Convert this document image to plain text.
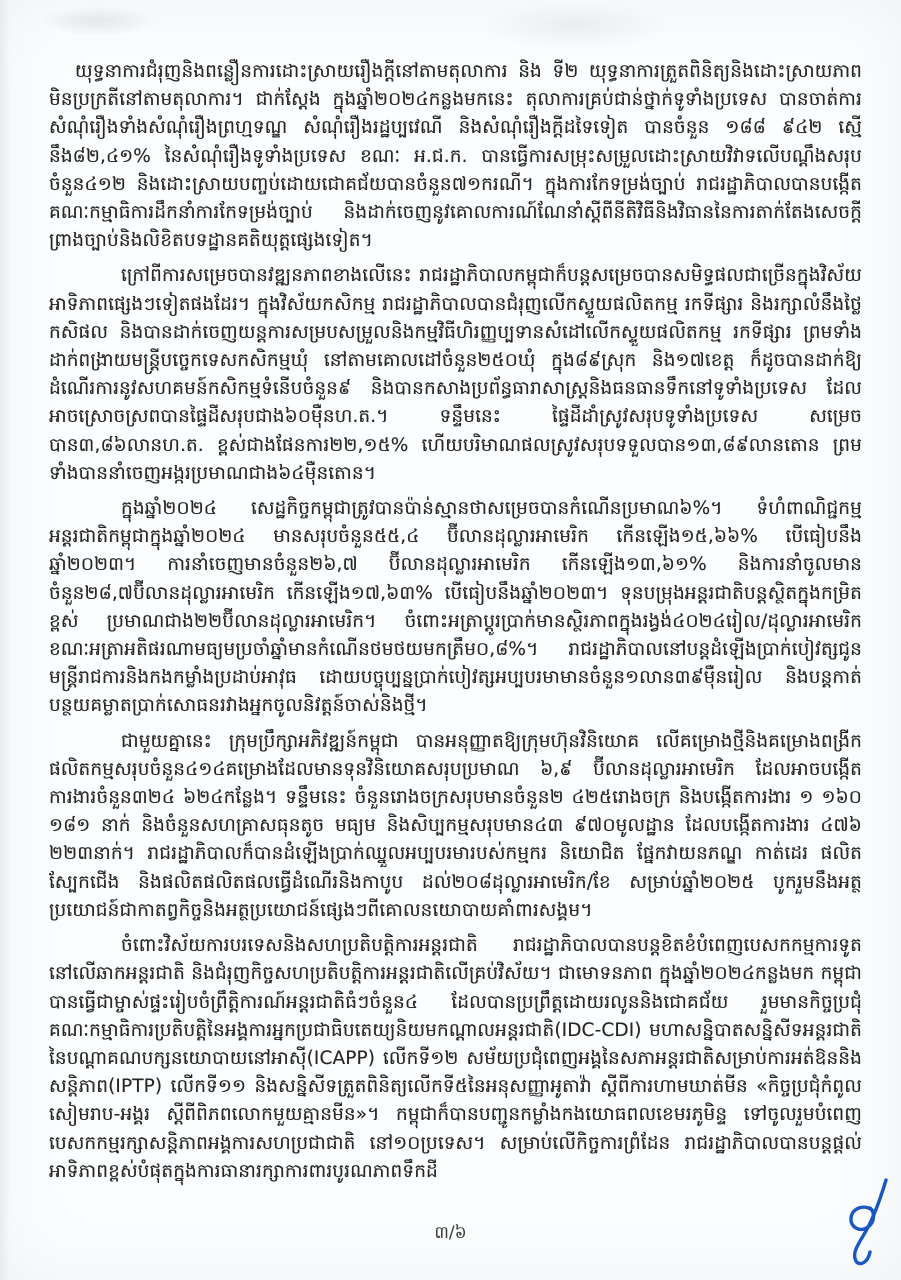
យុទ្ធនាការជំរុញនិងពន្លឿនការដោះស្រាយរឿងក្តីនៅតាមតុលាការ និង ទី២ យុទ្ធនាការត្រួតពិនិត្យនិងដោះស្រាយភាពមិនប្រក្រតីនៅតាមតុលាការ។ ជាក់ស្តែង ក្នុងឆ្នាំ២០២៤កន្លងមកនេះ តុលាការគ្រប់ជាន់ថ្នាក់ទូទាំងប្រទេស បានចាត់ការសំណុំរឿងទាំងសំណុំរឿងព្រហ្មទណ្ឌ សំណុំរឿងរដ្ឋប្បវេណី និងសំណុំរឿងក្តីដទៃទៀត បានចំនួន ១៨៨ ៩៤២ ស្មើនឹង៨២,៤១% នៃសំណុំរឿងទូទាំងប្រទេស ខណៈ អ.ជ.ក. បានធ្វើការសម្រុះសម្រួលដោះស្រាយវិវាទលើបណ្តឹងសរុបចំនួន៤១២ និងដោះស្រាយបញ្ចប់ដោយជោគជ័យបានចំនួន៧១ករណី។ ក្នុងការកែទម្រង់ច្បាប់ រាជរដ្ឋាភិបាលបានបង្កើតគណៈកម្មាធិការដឹកនាំការកែទម្រង់ច្បាប់ និងដាក់ចេញនូវគោលការណ៍ណែនាំស្តីពីនីតិវិធីនិងវិធាននៃការតាក់តែងសេចក្តីព្រាងច្បាប់និងលិខិតបទដ្ឋានគតិយុត្តផ្សេងទៀត។

ក្រៅពីការសម្រេចបានវឌ្ឍនភាពខាងលើនេះ រាជរដ្ឋាភិបាលកម្ពុជាក៏បន្តសម្រេចបានសមិទ្ធផលជាច្រើនក្នុងវិស័យអាទិភាពផ្សេងៗទៀតផងដែរ។ ក្នុងវិស័យកសិកម្ម រាជរដ្ឋាភិបាលបានជំរុញលើកស្ទួយផលិតកម្ម រកទីផ្សារ និងរក្សាលំនឹងថ្លៃកសិផល និងបានដាក់ចេញយន្តការសម្របសម្រួលនិងកម្មវិធីហិរញ្ញប្បទានសំដៅលើកស្ទួយផលិតកម្ម រកទីផ្សារ ព្រមទាំងដាក់ពង្រាយមន្ត្រីបច្ចេកទេសកសិកម្មឃុំ នៅតាមគោលដៅចំនួន២៥០ឃុំ ក្នុង៨៩ស្រុក និង១៧ខេត្ត ក៏ដូចបានដាក់ឱ្យដំណើរការនូវសហគមន៍កសិកម្មទំនើបចំនួន៩ និងបានកសាងប្រព័ន្ធធារាសាស្ត្រនិងធនធានទឹកនៅទូទាំងប្រទេស ដែល អាចស្រោចស្រពបានផ្ទៃដីសរុបជាង៦០ម៉ឺនហ.ត.។ ទន្ទឹមនេះ ផ្ទៃដីដាំស្រូវសរុបទូទាំងប្រទេស សម្រេចបាន៣,៨៦លានហ.ត. ខ្ពស់ជាងផែនការ២២,១៥% ហើយបរិមាណផលស្រូវសរុបទទួលបាន១៣,៨៩លានតោន ព្រមទាំងបាននាំចេញអង្ករប្រមាណជាង៦៤ម៉ឺនតោន។

ក្នុងឆ្នាំ២០២៤ សេដ្ឋកិច្ចកម្ពុជាត្រូវបានប៉ាន់ស្មានថាសម្រេចបានកំណើនប្រមាណ៦%។ ទំហំពាណិជ្ជកម្មអន្តរជាតិកម្ពុជាក្នុងឆ្នាំ២០២៤ មានសរុបចំនួន៥៥,៤ ប៊ីលានដុល្លារអាមេរិក កើនឡើង១៥,៦៦% បើធៀបនឹងឆ្នាំ២០២៣។ ការនាំចេញមានចំនួន២៦,៧ ប៊ីលានដុល្លារអាមេរិក កើនឡើង១៣,៦១% និងការនាំចូលមានចំនួន២៨,៧ប៊ីលានដុល្លារអាមេរិក កើនឡើង១៧,៦៣% បើធៀបនឹងឆ្នាំ២០២៣។ ទុនបម្រុងអន្តរជាតិបន្តស្ថិតក្នុងកម្រិតខ្ពស់ ប្រមាណជាង២២ប៊ីលានដុល្លារអាមេរិក។ ចំពោះអត្រាប្តូរប្រាក់មានស្ថិរភាពក្នុងរង្វង់៤០២៤រៀល/ដុល្លារអាមេរិក ខណៈអត្រាអតិផរណាមធ្យមប្រចាំឆ្នាំមានកំណើនថមថយមកត្រឹម០,៨%។ រាជរដ្ឋាភិបាលនៅបន្តដំឡើងប្រាក់បៀវត្សជូនមន្ត្រីរាជការនិងកងកម្លាំងប្រដាប់អាវុធ ដោយបច្ចុប្បន្នប្រាក់បៀវត្សអប្បបរមាមានចំនួន១លាន៣៩ម៉ឺនរៀល និងបន្តកាត់បន្ថយគម្លាតប្រាក់សោធនរវាងអ្នកចូលនិវត្តន៍ចាស់និងថ្មី។

ជាមួយគ្នានេះ ក្រុមប្រឹក្សាអភិវឌ្ឍន៍កម្ពុជា បានអនុញ្ញាតឱ្យក្រុមហ៊ុនវិនិយោគ លើគម្រោងថ្មីនិងគម្រោងពង្រីកផលិតកម្មសរុបចំនួន៤១៤គម្រោងដែលមានទុនវិនិយោគសរុបប្រមាណ ៦,៩ ប៊ីលានដុល្លារអាមេរិក ដែលអាចបង្កើតការងារចំនួន៣២៤ ៦២៤កន្លែង។ ទន្ទឹមនេះ ចំនួនរោងចក្រសរុបមានចំនួន២ ៤២៥រោងចក្រ និងបង្កើតការងារ ១ ១៦០ ១៨១ នាក់ និងចំនួនសហគ្រាសធុនតូច មធ្យម និងសិប្បកម្មសរុបមាន៤៣ ៩៧០មូលដ្ឋាន ដែលបង្កើតការងារ ៤៧៦ ២២៣នាក់។ រាជរដ្ឋាភិបាលក៏បានដំឡើងប្រាក់ឈ្នួលអប្បបរមារបស់កម្មករ និយោជិត ផ្នែកវាយនភណ្ឌ កាត់ដេរ ផលិតស្បែកជើង និងផលិតផលិតផលធ្វើដំណើរនិងកាបូប ដល់២០៨ដុល្លារអាមេរិក/ខែ សម្រាប់ឆ្នាំ២០២៥ បូករួមនឹងអត្ថប្រយោជន៍ជាកាតព្វកិច្ចនិងអត្ថប្រយោជន៍ផ្សេងៗពីគោលនយោបាយគាំពារសង្គម។

ចំពោះវិស័យការបរទេសនិងសហប្រតិបត្តិការអន្តរជាតិ រាជរដ្ឋាភិបាលបានបន្តខិតខំបំពេញបេសកកម្មការទូតនៅលើឆាកអន្តរជាតិ និងជំរុញកិច្ចសហប្រតិបត្តិការអន្តរជាតិលើគ្រប់វិស័យ។ ជាមោទនភាព ក្នុងឆ្នាំ២០២៤កន្លងមក កម្ពុជាបានធ្វើជាម្ចាស់ផ្ទះរៀបចំព្រឹត្តិការណ៍អន្តរជាតិធំៗចំនួន៤ ដែលបានប្រព្រឹត្តដោយរលូននិងជោគជ័យ រួមមានកិច្ចប្រជុំគណៈកម្មាធិការប្រតិបត្តិនៃអង្គការអ្នកប្រជាធិបតេយ្យនិយមកណ្តាលអន្តរជាតិ(IDC-CDI) មហាសន្និបាតសន្និសីទអន្តរជាតិនៃបណ្តាគណបក្សនយោបាយនៅអាស៊ី(ICAPP) លើកទី១២ សម័យប្រជុំពេញអង្គនៃសភាអន្តរជាតិសម្រាប់ការអត់ឱននិងសន្តិភាព(IPTP) លើកទី១១ និងសន្និសីទត្រួតពិនិត្យលើកទី៥នៃអនុសញ្ញាអូតាវ៉ា ស្តីពីការហាមឃាត់មីន «កិច្ចប្រជុំកំពូលសៀមរាប-អង្គរ ស្តីពីពិភពលោកមួយគ្មានមីន»។ កម្ពុជាក៏បានបញ្ជូនកម្លាំងកងយោធពលខេមរភូមិន្ទ ទៅចូលរួមបំពេញបេសកកម្មរក្សាសន្តិភាពអង្គការសហប្រជាជាតិ នៅ១០ប្រទេស។ សម្រាប់លើកិច្ចការព្រំដែន រាជរដ្ឋាភិបាលបានបន្តផ្តល់អាទិភាពខ្ពស់បំផុតក្នុងការធានារក្សាការពារបូរណភាពទឹកដី

៣/៦
